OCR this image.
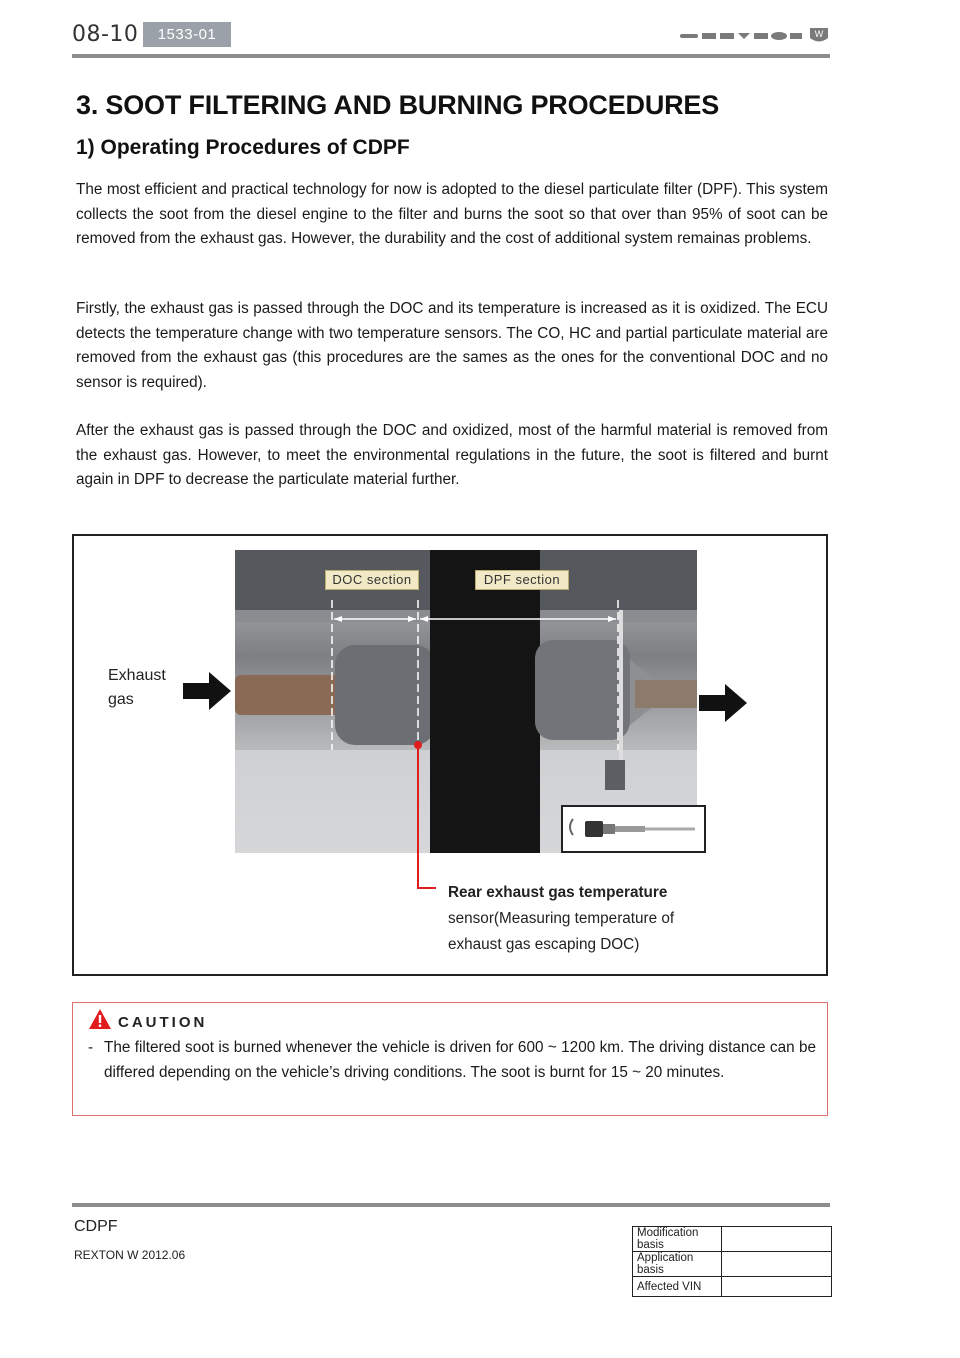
08-10	1533-01	W
REXTON
3. SOOT FILTERING AND BURNING PROCEDURES
1) Operating Procedures of CDPF

The most efficient and practical technology for now is adopted to the diesel particulate filter (DPF). This system collects the soot from the diesel engine to the filter and burns the soot so that over than 95% of soot can be removed from the exhaust gas. However, the durability and the cost of additional system remainas problems.

Firstly, the exhaust gas is passed through the DOC and its temperature is increased as it is oxidized. The ECU detects the temperature change with two temperature sensors. The CO, HC and partial particulate material are removed from the exhaust gas (this procedures are the sames as the ones for the conventional DOC and no sensor is required).

After the exhaust gas is passed through the DOC and oxidized, most of the harmful material is removed from the exhaust gas. However, to meet the environmental regulations in the future, the soot is filtered and burnt again in DPF to decrease the particulate material further.

DOC section	DPF section
Exhaust
gas
Rear exhaust gas temperature
sensor(Measuring temperature of
exhaust gas escaping DOC)
CAUTION
- The filtered soot is burned whenever the vehicle is driven for 600 ~ 1200 km. The driving distance can be differed depending on the vehicle’s driving conditions. The soot is burnt for 15 ~ 20 minutes.
CDPF
REXTON W 2012.06
Modification basis	
Application basis	
Affected VIN	
